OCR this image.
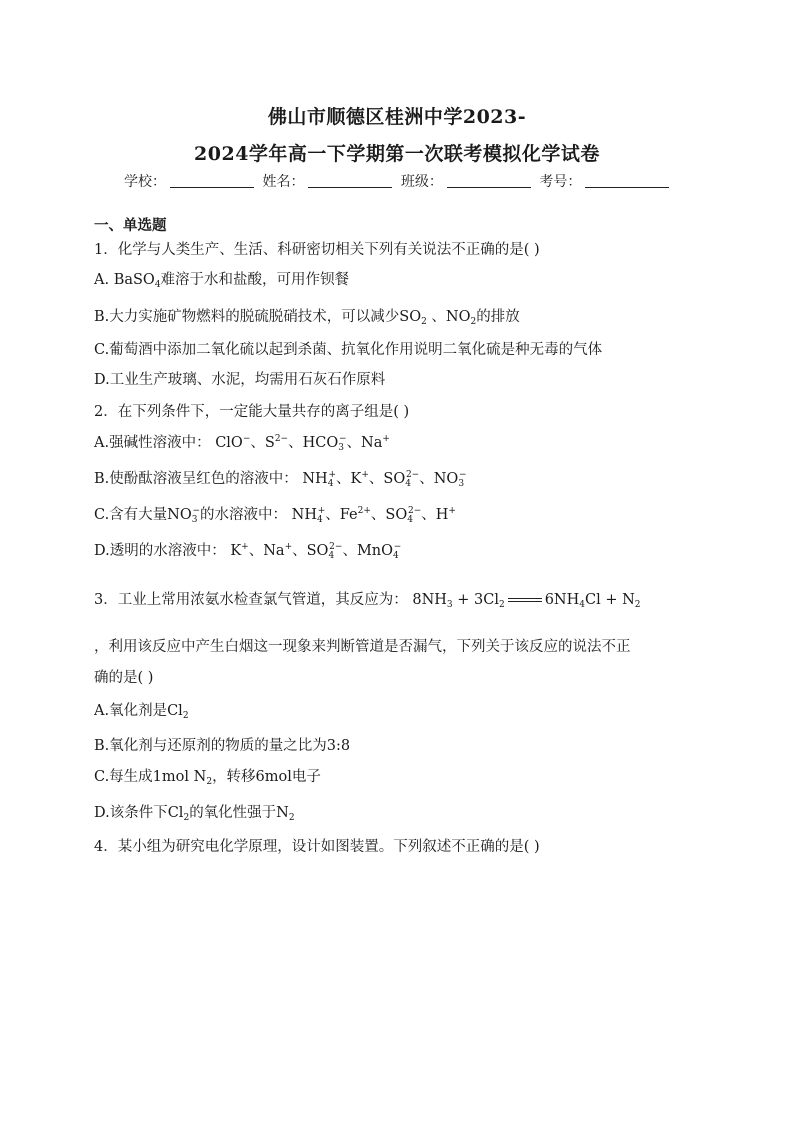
佛山市顺德区桂洲中学2023-
2024学年高一下学期第一次联考模拟化学试卷
学校：	姓名：	班级：	考号：
一、单选题
1．化学与人类生产、生活、科研密切相关下列有关说法不正确的是( )
A. BaSO$_4$难溶于水和盐酸，可用作钡餐
B.大力实施矿物燃料的脱硫脱硝技术，可以减少$SO_2$ 、$NO_2$的排放
C.葡萄酒中添加二氧化硫以起到杀菌、抗氧化作用说明二氧化硫是种无毒的气体
D.工业生产玻璃、水泥，均需用石灰石作原料
2．在下列条件下，一定能大量共存的离子组是( )
A.强碱性溶液中： ClO−、$S^{2-}$、$HCO_3^-$、Na+
B.使酚酞溶液呈红色的溶液中： $NH_4^+$、K+、$SO_4^{2-}$、$NO_3^-$
C.含有大量$NO_3^-$的水溶液中： $NH_4^+$、$Fe^{2+}$、$SO_4^{2-}$、H+
D.透明的水溶液中： K+、Na+、$SO_4^{2-}$、MnO$_4$−
3．工业上常用浓氨水检查氯气管道，其反应为： $8NH_3 + 3Cl_2$	$6NH_4Cl + N_2$
，利用该反应中产生白烟这一现象来判断管道是否漏气，下列关于该反应的说法不正
确的是( )
A.氧化剂是$Cl_2$
B.氧化剂与还原剂的物质的量之比为3:8
C.每生成1mol $N_2$，转移6mol电子
D.该条件下$Cl_2$的氧化性强于$N_2$
4．某小组为研究电化学原理，设计如图装置。下列叙述不正确的是( )
